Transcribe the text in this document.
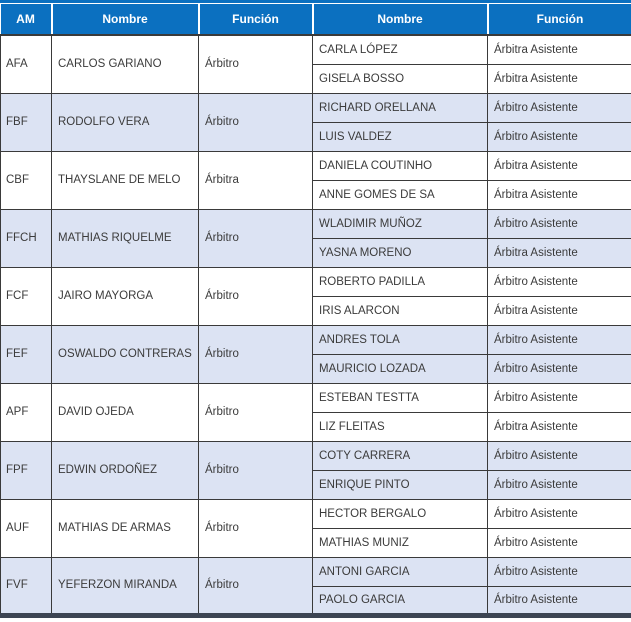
AM	Nombre	Función	Nombre	Función
AFA	CARLOS GARIANO	Árbitro	CARLA LÓPEZ	Árbitra Asistente
			GISELA BOSSO	Árbitra Asistente
FBF	RODOLFO VERA	Árbitro	RICHARD ORELLANA	Árbitro Asistente
			LUIS VALDEZ	Árbitro Asistente
CBF	THAYSLANE DE MELO	Árbitra	DANIELA COUTINHO	Árbitra Asistente
			ANNE GOMES DE SA	Árbitra Asistente
FFCH	MATHIAS RIQUELME	Árbitro	WLADIMIR MUÑOZ	Árbitro Asistente
			YASNA MORENO	Árbitra Asistente
FCF	JAIRO MAYORGA	Árbitro	ROBERTO PADILLA	Árbitro Asistente
			IRIS ALARCON	Árbitra Asistente
FEF	OSWALDO CONTRERAS	Árbitro	ANDRES TOLA	Árbitro Asistente
			MAURICIO LOZADA	Árbitro Asistente
APF	DAVID OJEDA	Árbitro	ESTEBAN TESTTA	Árbitro Asistente
			LIZ FLEITAS	Árbitra Asistente
FPF	EDWIN ORDOÑEZ	Árbitro	COTY CARRERA	Árbitro Asistente
			ENRIQUE PINTO	Árbitro Asistente
AUF	MATHIAS DE ARMAS	Árbitro	HECTOR BERGALO	Árbitro Asistente
			MATHIAS MUNIZ	Árbitro Asistente
FVF	YEFERZON MIRANDA	Árbitro	ANTONI GARCIA	Árbitro Asistente
			PAOLO GARCIA	Árbitro Asistente
